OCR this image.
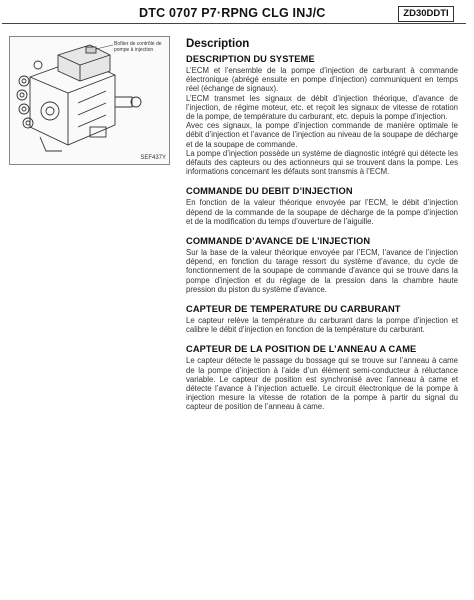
DTC 0707 P7·RPNG CLG INJ/C	ZD30DDTI
Boîtier de contrôle de pompe à injection
SEF437Y
Description
DESCRIPTION DU SYSTEME

L’ECM et l’ensemble de la pompe d’injection de carburant à commande électronique (abrégé ensuite en pompe d’injection) communiquent en temps réel (échange de signaux).

L’ECM transmet les signaux de débit d’injection théorique, d’avance de l’injection, de régime moteur, etc. et reçoit les signaux de vitesse de rotation de la pompe, de température du carburant, etc. depuis la pompe d’injection.

Avec ces signaux, la pompe d’injection commande de manière optimale le débit d’injection et l’avance de l’injection au niveau de la soupape de décharge et de la soupape de commande.

La pompe d’injection possède un système de diagnostic intégré qui détecte les défauts des capteurs ou des actionneurs qui se trouvent dans la pompe. Les informations concernant les défauts sont transmis à l’ECM.

COMMANDE DU DEBIT D’INJECTION

En fonction de la valeur théorique envoyée par l’ECM, le débit d’injection dépend de la commande de la soupape de décharge de la pompe d’injection et de la modification du temps d’ouverture de l’aiguille.

COMMANDE D’AVANCE DE L’INJECTION

Sur la base de la valeur théorique envoyée par l’ECM, l’avance de l’injection dépend, en fonction du tarage ressort du système d’avance, du cycle de fonctionnement de la soupape de commande d’avance qui se trouve dans la pompe d’injection et du réglage de la pression dans la chambre haute pression du piston du système d’avance.

CAPTEUR DE TEMPERATURE DU CARBURANT

Le capteur relève la température du carburant dans la pompe d’injection et calibre le débit d’injection en fonction de la température du carburant.

CAPTEUR DE LA POSITION DE L’ANNEAU A CAME

Le capteur détecte le passage du bossage qui se trouve sur l’anneau à came de la pompe d’injection à l’aide d’un élément semi-conducteur à réluctance variable. Le capteur de position est synchronisé avec l’anneau à came et détecte l’avance à l’injection actuelle. Le circuit électronique de la pompe à injection mesure la vitesse de rotation de la pompe à partir du signal du capteur de position de l’anneau à came.
